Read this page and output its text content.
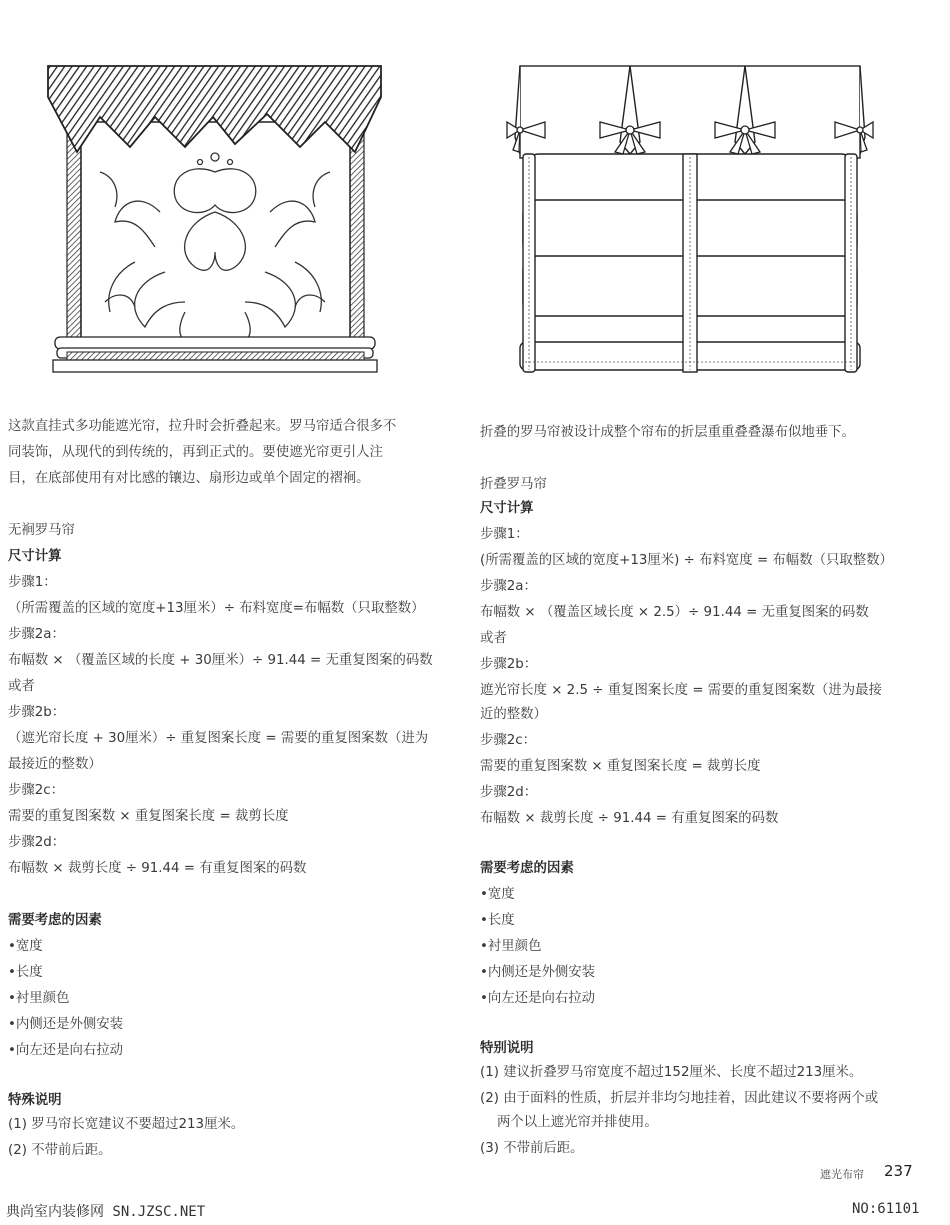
这款直挂式多功能遮光帘，拉升时会折叠起来。罗马帘适合很多不
同装饰，从现代的到传统的，再到正式的。要使遮光帘更引人注
目，在底部使用有对比感的镶边、扇形边或单个固定的褶裥。
无裥罗马帘
尺寸计算
步骤1：
（所需覆盖的区域的宽度+13厘米）÷ 布料宽度=布幅数（只取整数）
步骤2a：
布幅数 × （覆盖区域的长度 + 30厘米）÷ 91.44 = 无重复图案的码数
或者
步骤2b：
（遮光帘长度 + 30厘米）÷ 重复图案长度 = 需要的重复图案数（进为
最接近的整数）
步骤2c：
需要的重复图案数 × 重复图案长度 = 裁剪长度
步骤2d：
布幅数 × 裁剪长度 ÷ 91.44 = 有重复图案的码数
需要考虑的因素
•宽度
•长度
•衬里颜色
•内侧还是外侧安装
•向左还是向右拉动
特殊说明
(1) 罗马帘长宽建议不要超过213厘米。
(2) 不带前后距。
折叠的罗马帘被设计成整个帘布的折层重重叠叠瀑布似地垂下。
折叠罗马帘
尺寸计算
步骤1：
(所需覆盖的区域的宽度+13厘米) ÷ 布料宽度 = 布幅数（只取整数）
步骤2a：
布幅数 × （覆盖区域长度 × 2.5）÷ 91.44 = 无重复图案的码数
或者
步骤2b：
遮光帘长度 × 2.5 ÷ 重复图案长度 = 需要的重复图案数（进为最接
近的整数）
步骤2c：
需要的重复图案数 × 重复图案长度 = 裁剪长度
步骤2d：
布幅数 × 裁剪长度 ÷ 91.44 = 有重复图案的码数
需要考虑的因素
•宽度
•长度
•衬里颜色
•内侧还是外侧安装
•向左还是向右拉动
特别说明
(1) 建议折叠罗马帘宽度不超过152厘米、长度不超过213厘米。
(2) 由于面料的性质，折层并非均匀地挂着，因此建议不要将两个或
两个以上遮光帘并排使用。
(3) 不带前后距。
遮光布帘 237
典尚室内装修网 SN.JZSC.NET	NO:61101
